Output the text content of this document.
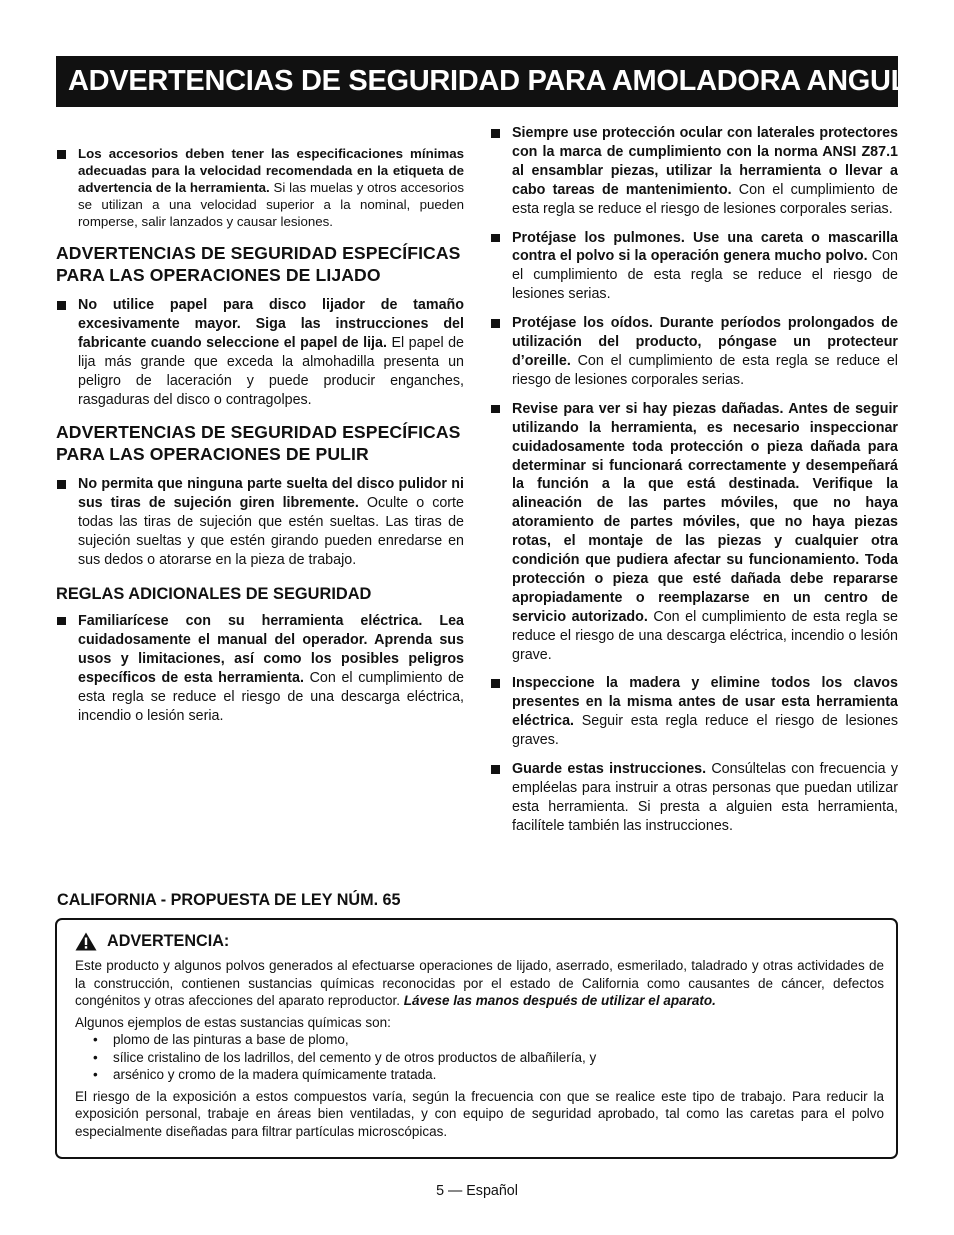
ADVERTENCIAS DE SEGURIDAD PARA AMOLADORA ANGULAR
Los accesorios deben tener las especificaciones mínimas adecuadas para la velocidad recomendada en la etiqueta de advertencia de la herramienta. Si las muelas y otros accesorios se utilizan a una velocidad superior a la nominal, pueden romperse, salir lanzados y causar lesiones.
ADVERTENCIAS DE SEGURIDAD ESPECÍFICAS PARA LAS OPERACIONES DE LIJADO
No utilice papel para disco lijador de tamaño excesivamente mayor. Siga las instrucciones del fabricante cuando seleccione el papel de lija. El papel de lija más grande que exceda la almohadilla presenta un peligro de laceración y puede producir enganches, rasgaduras del disco o contragolpes.
ADVERTENCIAS DE SEGURIDAD ESPECÍFICAS PARA LAS OPERACIONES DE PULIR
No permita que ninguna parte suelta del disco pulidor ni sus tiras de sujeción giren libremente. Oculte o corte todas las tiras de sujeción que estén sueltas. Las tiras de sujeción sueltas y que estén girando pueden enredarse en sus dedos o atorarse en la pieza de trabajo.
REGLAS ADICIONALES DE SEGURIDAD
Familiarícese con su herramienta eléctrica. Lea cuidadosamente el manual del operador. Aprenda sus usos y limitaciones, así como los posibles peligros específicos de esta herramienta. Con el cumplimiento de esta regla se reduce el riesgo de una descarga eléctrica, incendio o lesión seria.
Siempre use protección ocular con laterales protectores con la marca de cumplimiento con la norma ANSI Z87.1 al ensamblar piezas, utilizar la herramienta o llevar a cabo tareas de mantenimiento. Con el cumplimiento de esta regla se reduce el riesgo de lesiones corporales serias.
Protéjase los pulmones. Use una careta o mascarilla contra el polvo si la operación genera mucho polvo. Con el cumplimiento de esta regla se reduce el riesgo de lesiones serias.
Protéjase los oídos. Durante períodos prolongados de utilización del producto, póngase un protecteur d’oreille. Con el cumplimiento de esta regla se reduce el riesgo de lesiones corporales serias.
Revise para ver si hay piezas dañadas. Antes de seguir utilizando la herramienta, es necesario inspeccionar cuidadosamente toda protección o pieza dañada para determinar si funcionará correctamente y desempeñará la función a la que está destinada. Verifique la alineación de las partes móviles, que no haya atoramiento de partes móviles, que no haya piezas rotas, el montaje de las piezas y cualquier otra condición que pudiera afectar su funcionamiento. Toda protección o pieza que esté dañada debe repararse apropiadamente o reemplazarse en un centro de servicio autorizado. Con el cumplimiento de esta regla se reduce el riesgo de una descarga eléctrica, incendio o lesión grave.
Inspeccione la madera y elimine todos los clavos presentes en la misma antes de usar esta herramienta eléctrica. Seguir esta regla reduce el riesgo de lesiones graves.
Guarde estas instrucciones. Consúltelas con frecuencia y empléelas para instruir a otras personas que puedan utilizar esta herramienta. Si presta a alguien esta herramienta, facilítele también las instrucciones.
CALIFORNIA - PROPUESTA DE LEY NÚM. 65
ADVERTENCIA:

Este producto y algunos polvos generados al efectuarse operaciones de lijado, aserrado, esmerilado, taladrado y otras actividades de la construcción, contienen sustancias químicas reconocidas por el estado de California como causantes de cáncer, defectos congénitos y otras afecciones del aparato reproductor. Lávese las manos después de utilizar el aparato.

Algunos ejemplos de estas sustancias químicas son:

• plomo de las pinturas a base de plomo,
• sílice cristalino de los ladrillos, del cemento y de otros productos de albañilería, y
• arsénico y cromo de la madera químicamente tratada.

El riesgo de la exposición a estos compuestos varía, según la frecuencia con que se realice este tipo de trabajo. Para reducir la exposición personal, trabaje en áreas bien ventiladas, y con equipo de seguridad aprobado, tal como las caretas para el polvo especialmente diseñadas para filtrar partículas microscópicas.

5 — Español
